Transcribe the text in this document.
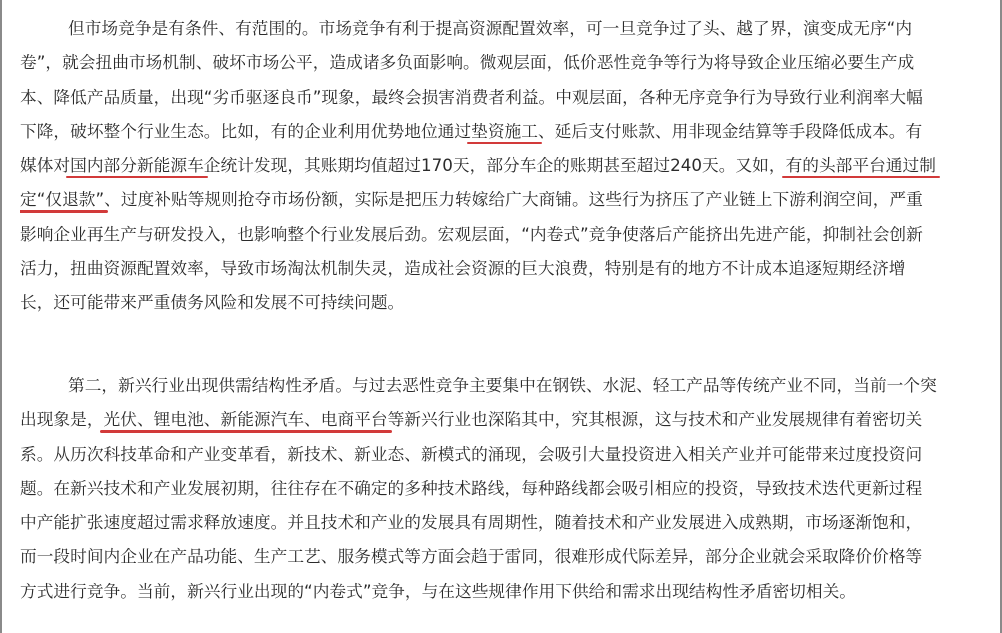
但市场竞争是有条件、有范围的。市场竞争有利于提高资源配置效率，可一旦竞争过了头、越了界，演变成无序“内
卷”，就会扭曲市场机制、破坏市场公平，造成诸多负面影响。微观层面，低价恶性竞争等行为将导致企业压缩必要生产成
本、降低产品质量，出现“劣币驱逐良币”现象，最终会损害消费者利益。中观层面，各种无序竞争行为导致行业利润率大幅
下降，破坏整个行业生态。比如，有的企业利用优势地位通过垫资施工、延后支付账款、用非现金结算等手段降低成本。有
媒体对国内部分新能源车企统计发现，其账期均值超过170天，部分车企的账期甚至超过240天。又如，有的头部平台通过制
定“仅退款”、过度补贴等规则抢夺市场份额，实际是把压力转嫁给广大商铺。这些行为挤压了产业链上下游利润空间，严重
影响企业再生产与研发投入，也影响整个行业发展后劲。宏观层面，“内卷式”竞争使落后产能挤出先进产能，抑制社会创新
活力，扭曲资源配置效率，导致市场淘汰机制失灵，造成社会资源的巨大浪费，特别是有的地方不计成本追逐短期经济增
长，还可能带来严重债务风险和发展不可持续问题。
第二，新兴行业出现供需结构性矛盾。与过去恶性竞争主要集中在钢铁、水泥、轻工产品等传统产业不同，当前一个突
出现象是，光伏、锂电池、新能源汽车、电商平台等新兴行业也深陷其中，究其根源，这与技术和产业发展规律有着密切关
系。从历次科技革命和产业变革看，新技术、新业态、新模式的涌现，会吸引大量投资进入相关产业并可能带来过度投资问
题。在新兴技术和产业发展初期，往往存在不确定的多种技术路线，每种路线都会吸引相应的投资，导致技术迭代更新过程
中产能扩张速度超过需求释放速度。并且技术和产业的发展具有周期性，随着技术和产业发展进入成熟期，市场逐渐饱和，
而一段时间内企业在产品功能、生产工艺、服务模式等方面会趋于雷同，很难形成代际差异，部分企业就会采取降价价格等
方式进行竞争。当前，新兴行业出现的“内卷式”竞争，与在这些规律作用下供给和需求出现结构性矛盾密切相关。
